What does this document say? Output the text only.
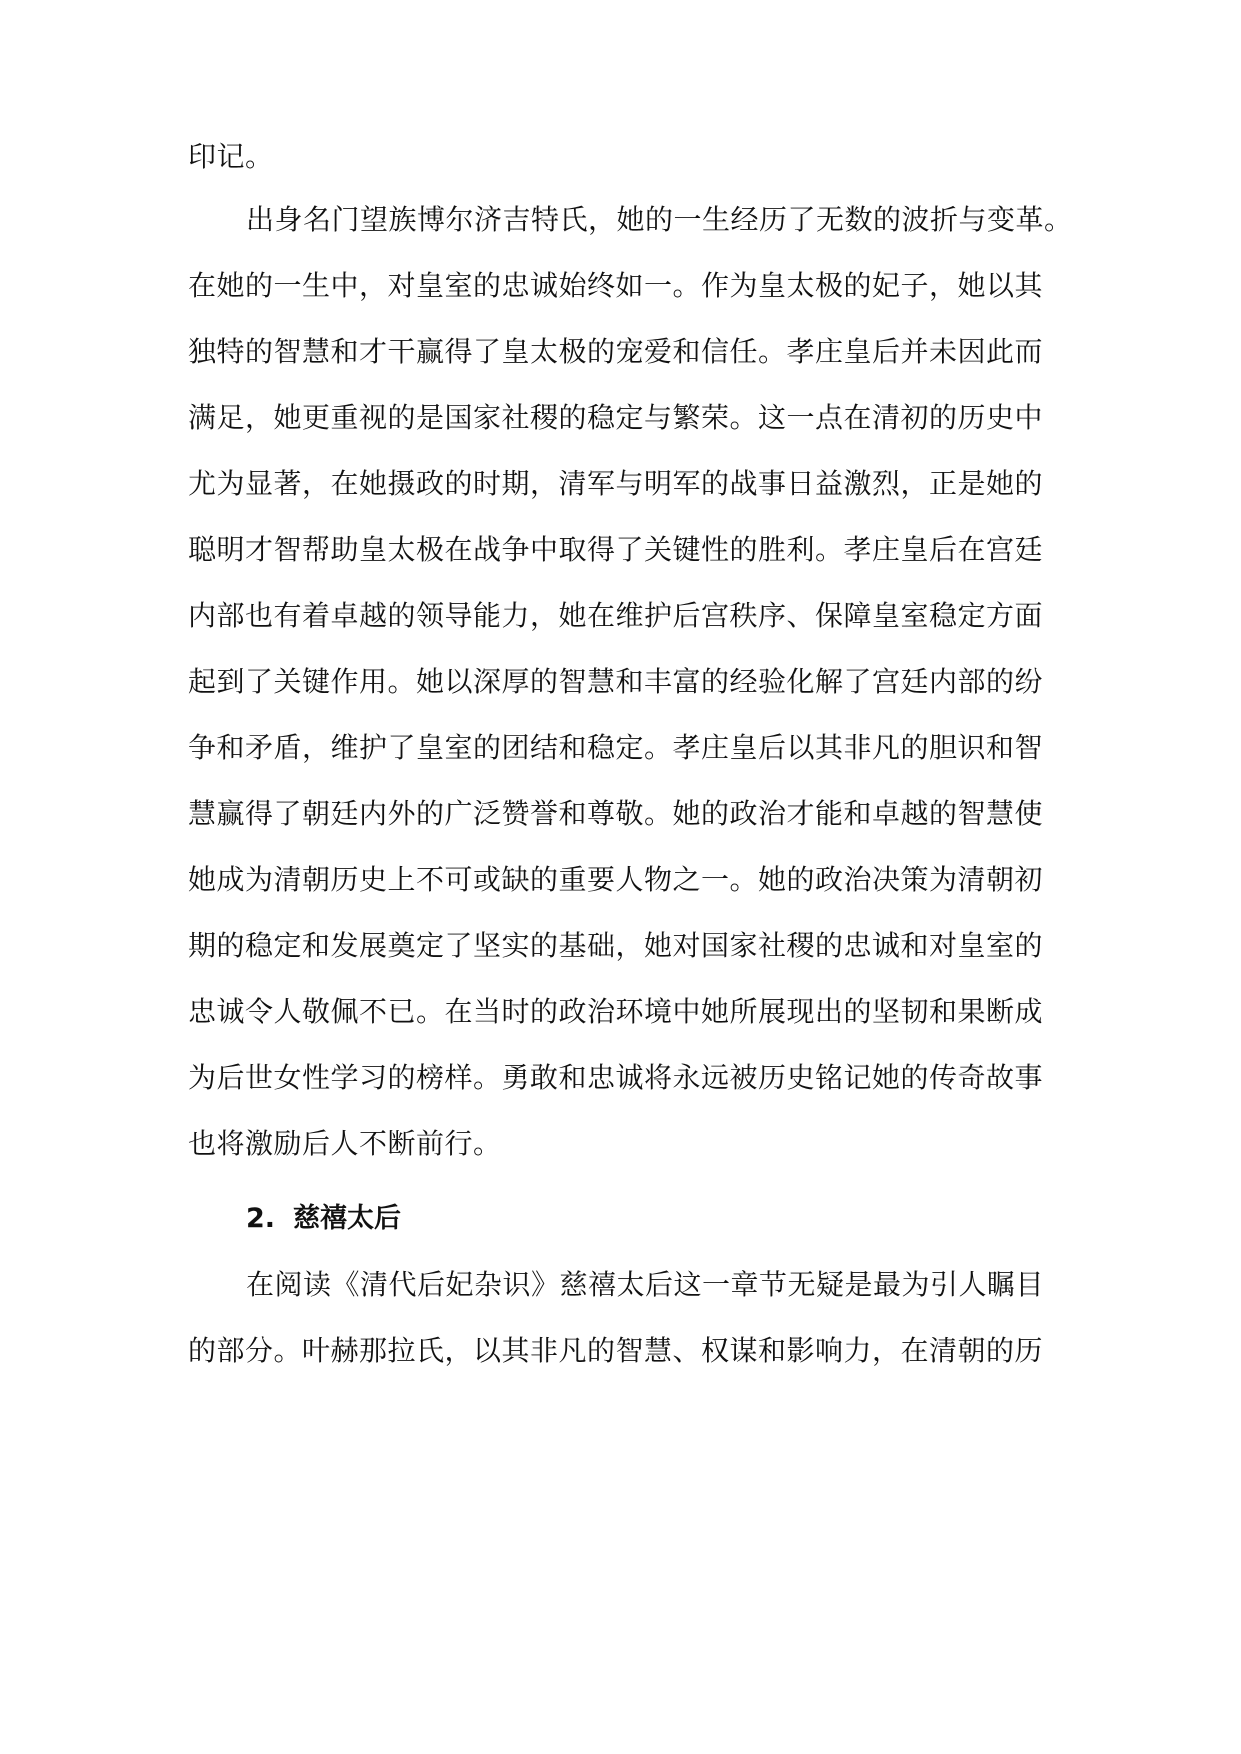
印记。
出身名门望族博尔济吉特氏，她的一生经历了无数的波折与变革。
在她的一生中，对皇室的忠诚始终如一。作为皇太极的妃子，她以其
独特的智慧和才干赢得了皇太极的宠爱和信任。孝庄皇后并未因此而
满足，她更重视的是国家社稷的稳定与繁荣。这一点在清初的历史中
尤为显著，在她摄政的时期，清军与明军的战事日益激烈，正是她的
聪明才智帮助皇太极在战争中取得了关键性的胜利。孝庄皇后在宫廷
内部也有着卓越的领导能力，她在维护后宫秩序、保障皇室稳定方面
起到了关键作用。她以深厚的智慧和丰富的经验化解了宫廷内部的纷
争和矛盾，维护了皇室的团结和稳定。孝庄皇后以其非凡的胆识和智
慧赢得了朝廷内外的广泛赞誉和尊敬。她的政治才能和卓越的智慧使
她成为清朝历史上不可或缺的重要人物之一。她的政治决策为清朝初
期的稳定和发展奠定了坚实的基础，她对国家社稷的忠诚和对皇室的
忠诚令人敬佩不已。在当时的政治环境中她所展现出的坚韧和果断成
为后世女性学习的榜样。勇敢和忠诚将永远被历史铭记她的传奇故事
也将激励后人不断前行。
2. 慈禧太后
在阅读《清代后妃杂识》慈禧太后这一章节无疑是最为引人瞩目
的部分。叶赫那拉氏，以其非凡的智慧、权谋和影响力，在清朝的历
